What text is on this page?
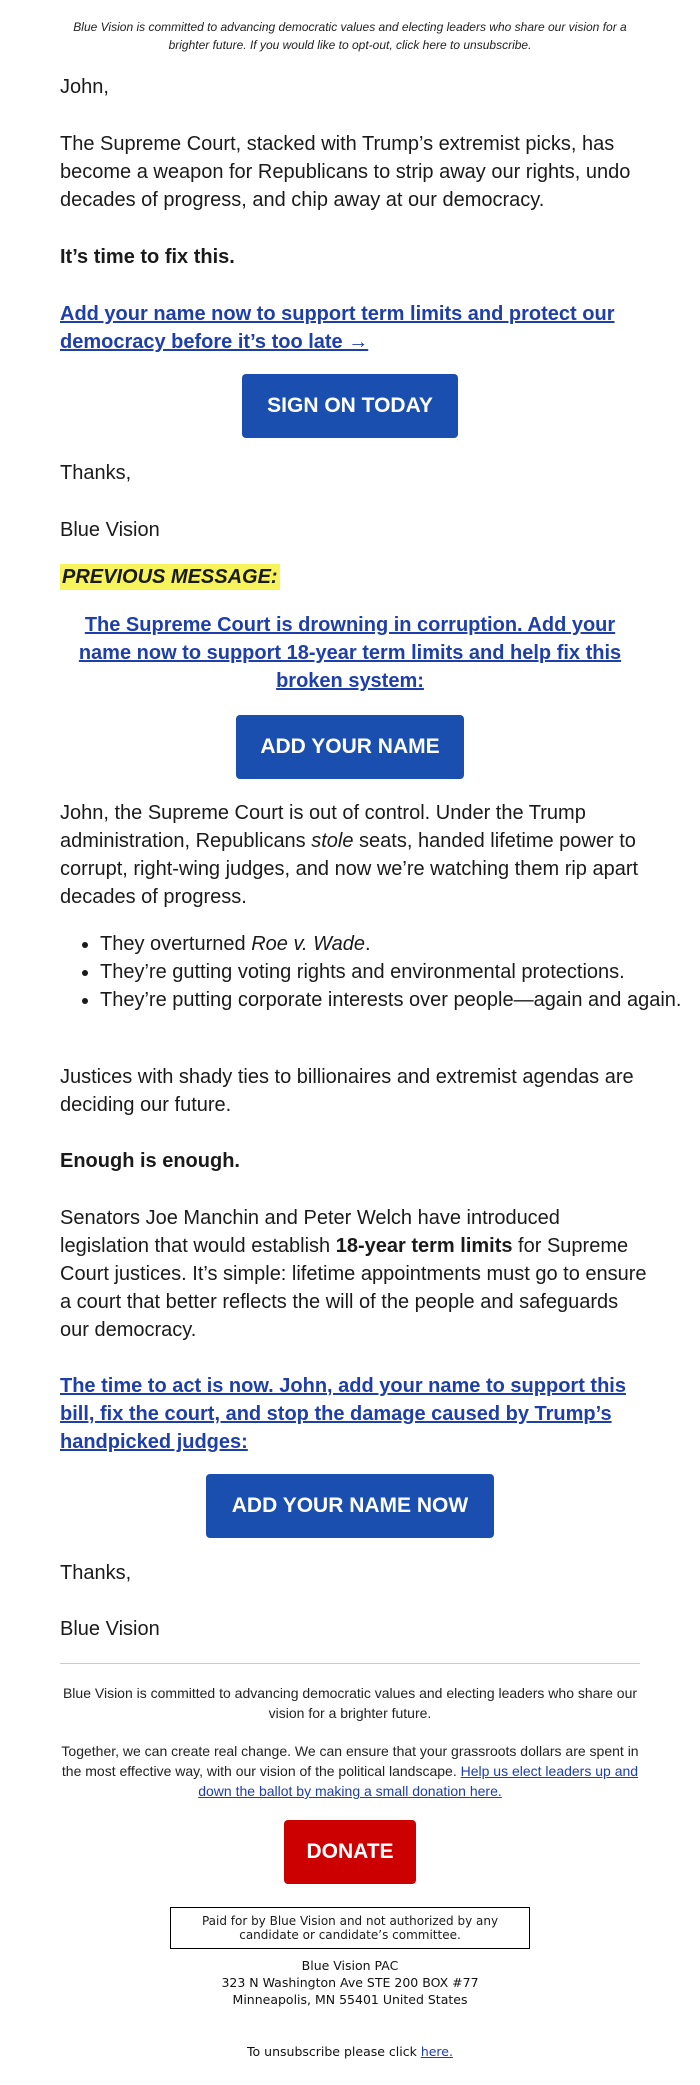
Blue Vision is committed to advancing democratic values and electing leaders who share our vision for a brighter future. If you would like to opt-out, click here to unsubscribe.
John,
The Supreme Court, stacked with Trump’s extremist picks, has become a weapon for Republicans to strip away our rights, undo decades of progress, and chip away at our democracy.
It’s time to fix this.
Add your name now to support term limits and protect our democracy before it’s too late →
SIGN ON TODAY
Thanks,
Blue Vision
PREVIOUS MESSAGE:
The Supreme Court is drowning in corruption. Add your name now to support 18-year term limits and help fix this broken system:
ADD YOUR NAME
John, the Supreme Court is out of control. Under the Trump administration, Republicans stole seats, handed lifetime power to corrupt, right-wing judges, and now we’re watching them rip apart decades of progress.
• They overturned Roe v. Wade.
• They’re gutting voting rights and environmental protections.
• They’re putting corporate interests over people—again and again.
Justices with shady ties to billionaires and extremist agendas are deciding our future.
Enough is enough.
Senators Joe Manchin and Peter Welch have introduced legislation that would establish 18-year term limits for Supreme Court justices. It’s simple: lifetime appointments must go to ensure a court that better reflects the will of the people and safeguards our democracy.
The time to act is now. John, add your name to support this bill, fix the court, and stop the damage caused by Trump’s handpicked judges:
ADD YOUR NAME NOW
Thanks,
Blue Vision
Blue Vision is committed to advancing democratic values and electing leaders who share our vision for a brighter future.
Together, we can create real change. We can ensure that your grassroots dollars are spent in the most effective way, with our vision of the political landscape. Help us elect leaders up and down the ballot by making a small donation here.
DONATE
Paid for by Blue Vision and not authorized by any candidate or candidate’s committee.
Blue Vision PAC
323 N Washington Ave STE 200 BOX #77
Minneapolis, MN 55401 United States
To unsubscribe please click here.
